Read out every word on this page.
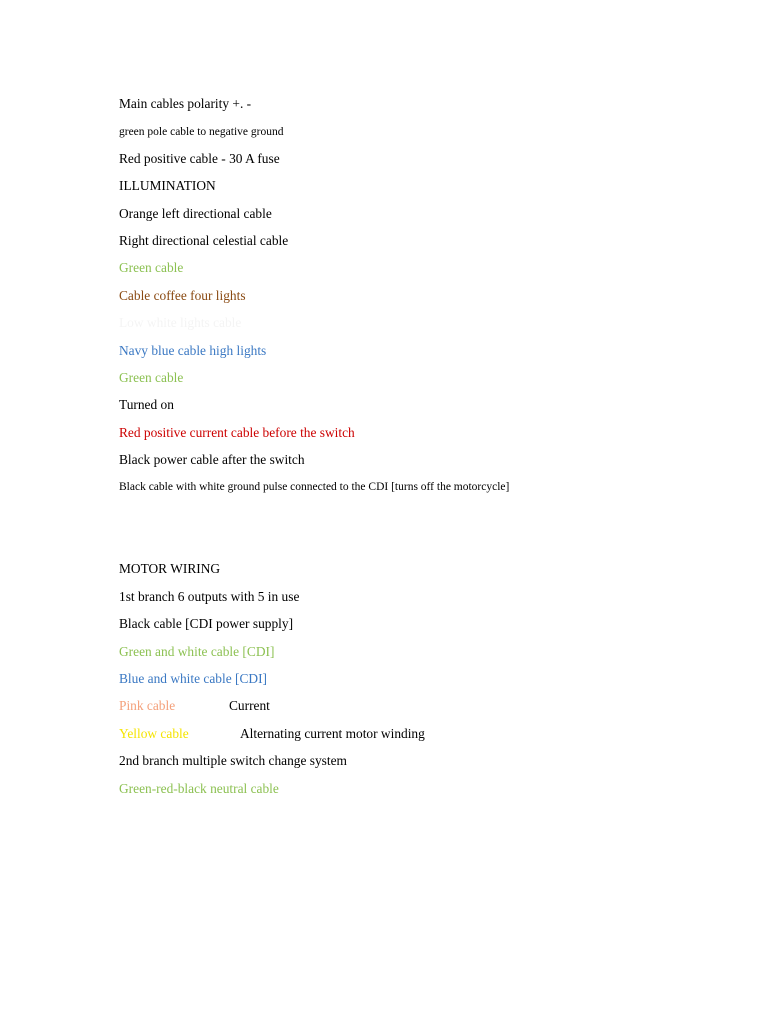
Main cables polarity +. -
green pole cable to negative ground
Red positive cable - 30 A fuse
ILLUMINATION
Orange left directional cable
Right directional celestial cable
Green cable
Cable coffee four lights
Low white lights cable
Navy blue cable high lights
Green cable
Turned on
Red positive current cable before the switch
Black power cable after the switch
Black cable with white ground pulse connected to the CDI [turns off the motorcycle]
MOTOR WIRING
1st branch 6 outputs with 5 in use
Black cable [CDI power supply]
Green and white cable [CDI]
Blue and white cable [CDI]
Pink cable	Current
Yellow cable	Alternating current motor winding
2nd branch multiple switch change system
Green-red-black neutral cable
